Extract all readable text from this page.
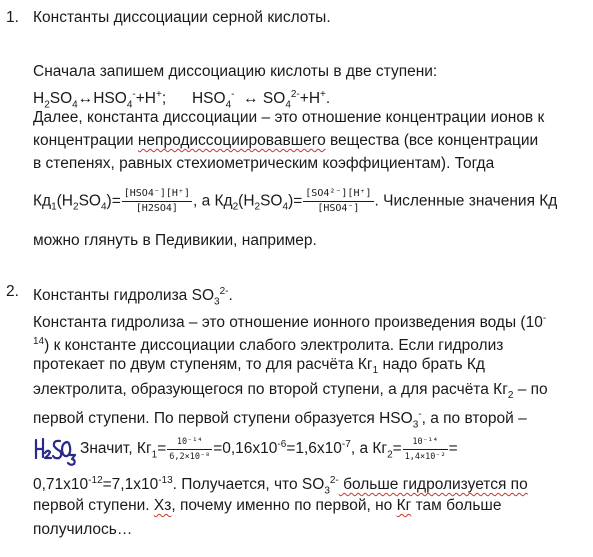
1. Константы диссоциации серной кислоты.
Сначала запишем диссоциацию кислоты в две ступени:
$H_2SO_4\leftrightarrow HSO_4^-+H^+$;      $HSO_4^-$ ↔ $SO_4^{2-}+H^+$.
Далее, константа диссоциации – это отношение концентрации ионов к
концентрации непродиссоциировавшего вещества (все концентрации
в степенях, равных стехиометрическим коэффициентам). Тогда
$Кд_1(H_2SO_4)= \frac{\text{[HSO4⁻][H⁺]}}{[H2SO4]}$ , а $Кд_2(H_2SO_4)= \frac{\text{[SO4²⁻][H⁺]}}{\text{[HSO4⁻]}}$ . Численные значения Кд
можно глянуть в Педивикии, например.
2. Константы гидролиза $SO_3^{2-}$.
Константа гидролиза – это отношение ионного произведения воды (10-
$^{14}$) к константе диссоциации слабого электролита. Если гидролиз
протекает по двум ступеням, то для расчёта $Кг_1$ надо брать Кд
электролита, образующегося по второй ступени, а для расчёта $Кг_2$ – по
первой ступени. По первой ступени образуется $HSO_3^-$, а по второй –
Значит, $Кг_1= \frac{\text{10⁻¹⁴}}{\text{6,2×10⁻⁸}} =0,16х10^{-6}=1,6х10^{-7}$, а $Кг_2= \frac{\text{10⁻¹⁴}}{\text{1,4×10⁻²}}$ =
$0,71х10^{-12}=7,1х10^{-13}$. Получается, что $SO_3^{2-}$ больше гидролизуется по
первой ступени. Хз, почему именно по первой, но Кг там больше
получилось…
